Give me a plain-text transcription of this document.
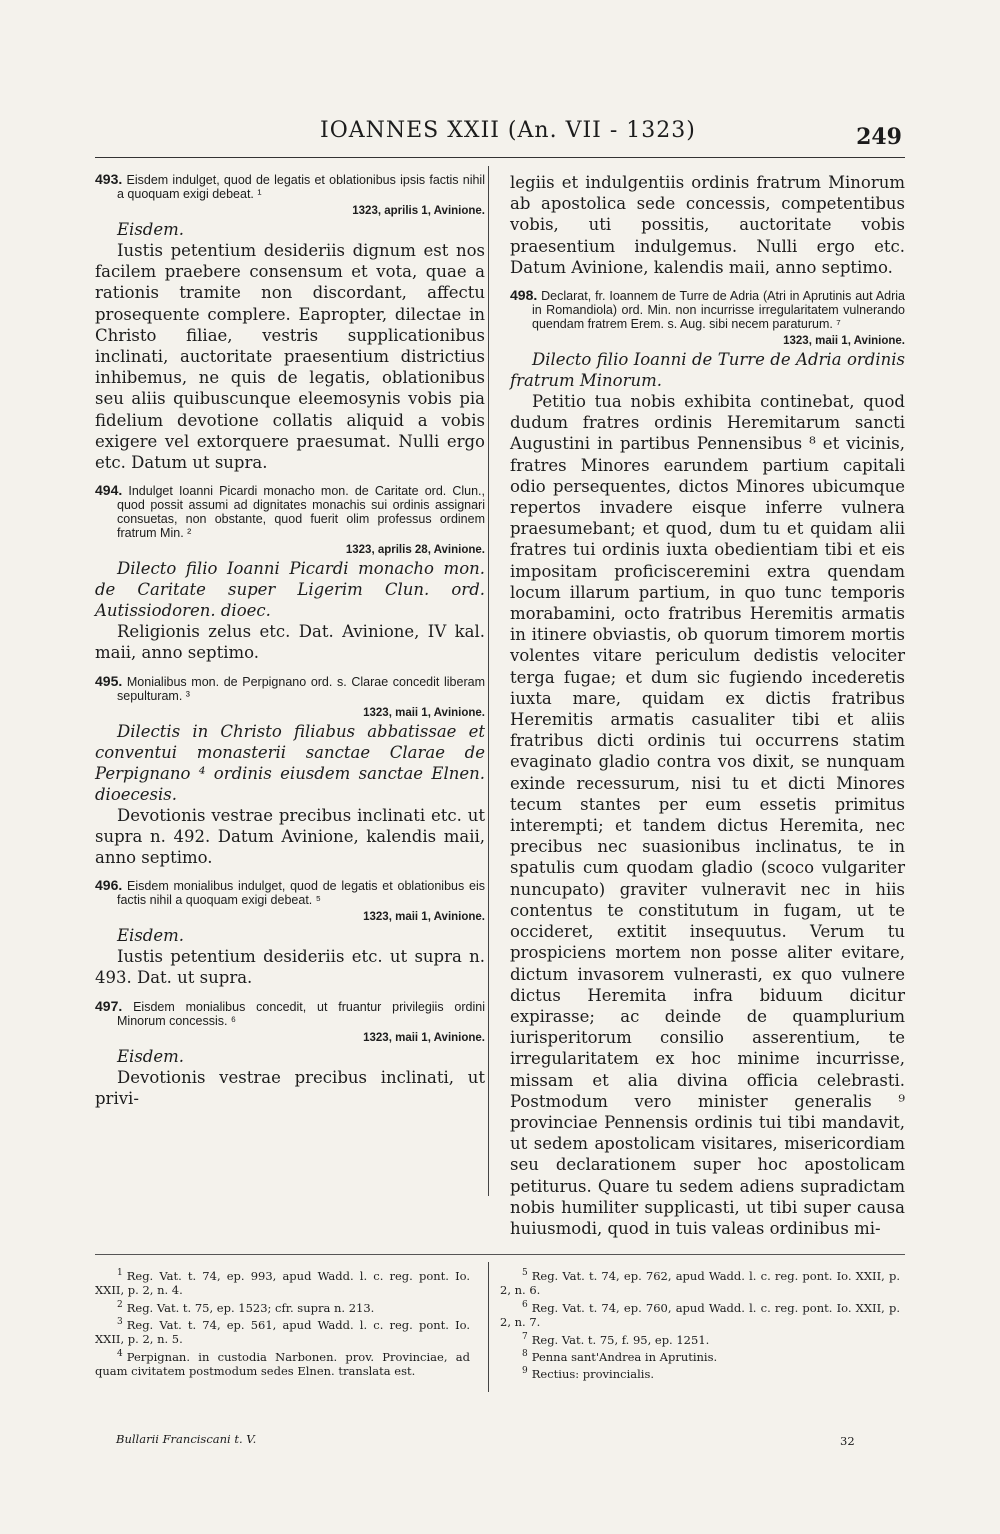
IOANNES XXII (An. VII - 1323)	249

493. Eisdem indulget, quod de legatis et oblationibus ipsis factis nihil a quoquam exigi debeat. ¹

1323, aprilis 1, Avinione.

Eisdem.

Iustis petentium desideriis dignum est nos facilem praebere consensum et vota, quae a rationis tramite non discordant, affectu prosequente complere. Eapropter, dilectae in Christo filiae, vestris supplicationibus inclinati, auctoritate praesentium districtius inhibemus, ne quis de legatis, oblationibus seu aliis quibuscunque eleemosynis vobis pia fidelium devotione collatis aliquid a vobis exigere vel extorquere praesumat. Nulli ergo etc. Datum ut supra.

494. Indulget Ioanni Picardi monacho mon. de Caritate ord. Clun., quod possit assumi ad dignitates monachis sui ordinis assignari consuetas, non obstante, quod fuerit olim professus ordinem fratrum Min. ²

1323, aprilis 28, Avinione.

Dilecto filio Ioanni Picardi monacho mon. de Caritate super Ligerim Clun. ord. Autissiodoren. dioec.

Religionis zelus etc. Dat. Avinione, IV kal. maii, anno septimo.

495. Monialibus mon. de Perpignano ord. s. Clarae concedit liberam sepulturam. ³

1323, maii 1, Avinione.

Dilectis in Christo filiabus abbatissae et conventui monasterii sanctae Clarae de Perpignano ⁴ ordinis eiusdem sanctae Elnen. dioecesis.

Devotionis vestrae precibus inclinati etc. ut supra n. 492. Datum Avinione, kalendis maii, anno septimo.

496. Eisdem monialibus indulget, quod de legatis et oblationibus eis factis nihil a quoquam exigi debeat. ⁵

1323, maii 1, Avinione.

Eisdem.

Iustis petentium desideriis etc. ut supra n. 493. Dat. ut supra.

497. Eisdem monialibus concedit, ut fruantur privilegiis ordini Minorum concessis. ⁶

1323, maii 1, Avinione.

Eisdem.

Devotionis vestrae precibus inclinati, ut privi-

legiis et indulgentiis ordinis fratrum Minorum ab apostolica sede concessis, competentibus vobis, uti possitis, auctoritate vobis praesentium indulgemus. Nulli ergo etc. Datum Avinione, kalendis maii, anno septimo.

498. Declarat, fr. Ioannem de Turre de Adria (Atri in Aprutinis aut Adria in Romandiola) ord. Min. non incurrisse irregularitatem vulnerando quendam fratrem Erem. s. Aug. sibi necem paraturum. ⁷

1323, maii 1, Avinione.

Dilecto filio Ioanni de Turre de Adria ordinis fratrum Minorum.

Petitio tua nobis exhibita continebat, quod dudum fratres ordinis Heremitarum sancti Augustini in partibus Pennensibus ⁸ et vicinis, fratres Minores earundem partium capitali odio persequentes, dictos Minores ubicumque repertos invadere eisque inferre vulnera praesumebant; et quod, dum tu et quidam alii fratres tui ordinis iuxta obedientiam tibi et eis impositam proficisceremini extra quendam locum illarum partium, in quo tunc temporis morabamini, octo fratribus Heremitis armatis in itinere obviastis, ob quorum timorem mortis volentes vitare periculum dedistis velociter terga fugae; et dum sic fugiendo incederetis iuxta mare, quidam ex dictis fratribus Heremitis armatis casualiter tibi et aliis fratribus dicti ordinis tui occurrens statim evaginato gladio contra vos dixit, se nunquam exinde recessurum, nisi tu et dicti Minores tecum stantes per eum essetis primitus interempti; et tandem dictus Heremita, nec precibus nec suasionibus inclinatus, te in spatulis cum quodam gladio (scoco vulgariter nuncupato) graviter vulneravit nec in hiis contentus te constitutum in fugam, ut te occideret, extitit insequutus. Verum tu prospiciens mortem non posse aliter evitare, dictum invasorem vulnerasti, ex quo vulnere dictus Heremita infra biduum dicitur expirasse; ac deinde de quamplurium iurisperitorum consilio asserentium, te irregularitatem ex hoc minime incurrisse, missam et alia divina officia celebrasti. Postmodum vero minister generalis ⁹ provinciae Pennensis ordinis tui tibi mandavit, ut sedem apostolicam visitares, misericordiam seu declarationem super hoc apostolicam petiturus. Quare tu sedem adiens supradictam nobis humiliter supplicasti, ut tibi super causa huiusmodi, quod in tuis valeas ordinibus mi-

$^1$ Reg. Vat. t. 74, ep. 993, apud Wadd. l. c. reg. pont. Io. XXII, p. 2, n. 4.

$^2$ Reg. Vat. t. 75, ep. 1523; cfr. supra n. 213.

$^3$ Reg. Vat. t. 74, ep. 561, apud Wadd. l. c. reg. pont. Io. XXII, p. 2, n. 5.

$^4$ Perpignan. in custodia Narbonen. prov. Provinciae, ad quam civitatem postmodum sedes Elnen. translata est.

$^5$ Reg. Vat. t. 74, ep. 762, apud Wadd. l. c. reg. pont. Io. XXII, p. 2, n. 6.

$^6$ Reg. Vat. t. 74, ep. 760, apud Wadd. l. c. reg. pont. Io. XXII, p. 2, n. 7.

$^7$ Reg. Vat. t. 75, f. 95, ep. 1251.

$^8$ Penna sant'Andrea in Aprutinis.

$^9$ Rectius: provincialis.

Bullarii Franciscani t. V.	32
